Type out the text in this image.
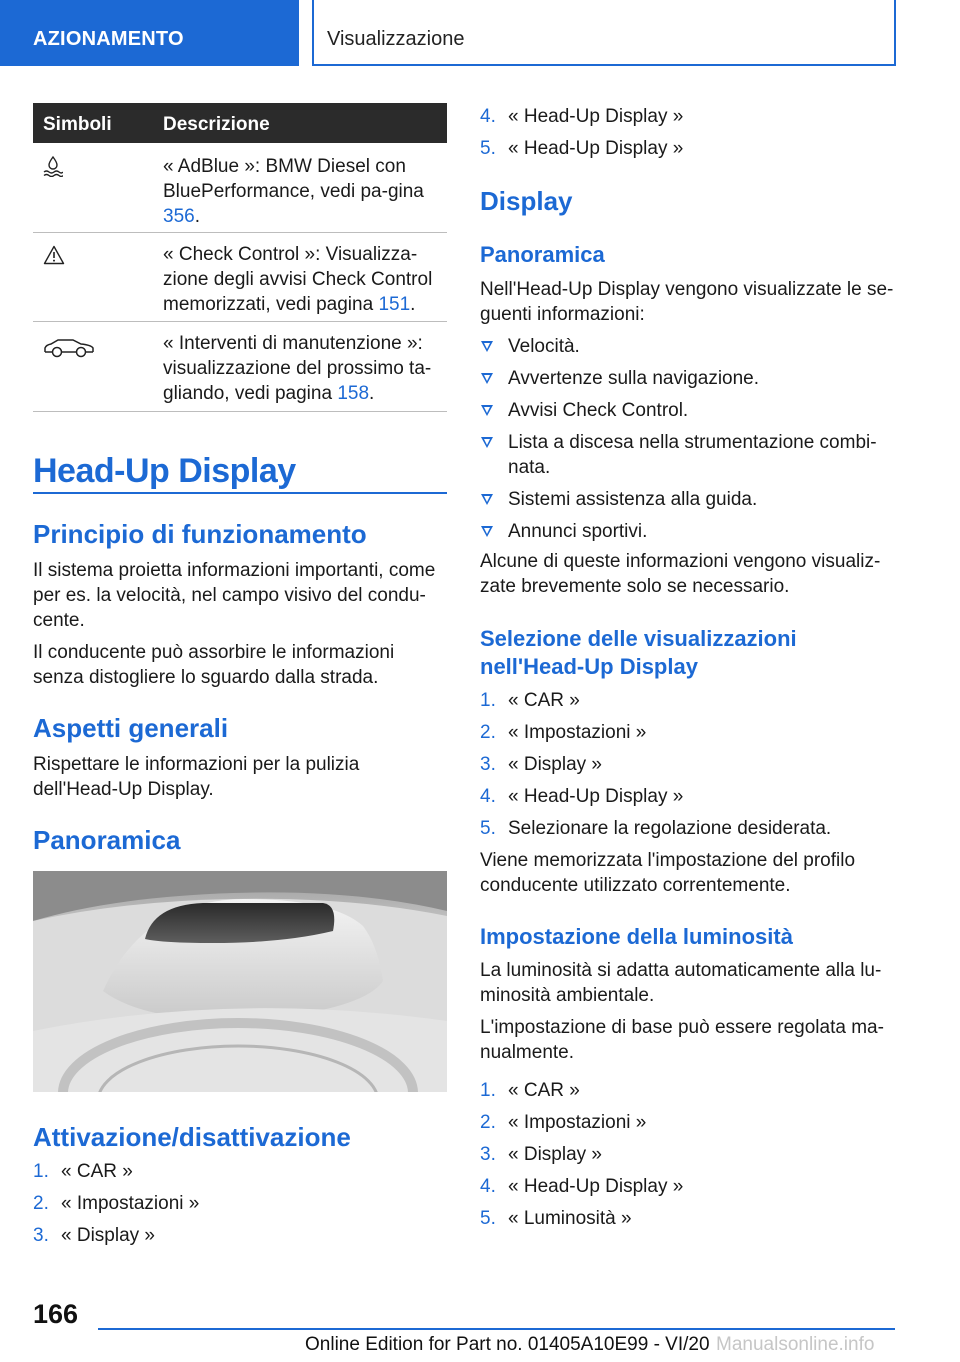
AZIONAMENTO	Visualizzazione
Simboli	Descrizione
« AdBlue »: BMW Diesel con BluePerformance, vedi pa-gina 356.
« Check Control »: Visualizza-zione degli avvisi Check Control memorizzati, vedi pagina 151.
« Interventi di manutenzione »: visualizzazione del prossimo ta-gliando, vedi pagina 158.
Head-Up Display
Principio di funzionamento

Il sistema proietta informazioni importanti, come per es. la velocità, nel campo visivo del condu-cente.

Il conducente può assorbire le informazioni senza distogliere lo sguardo dalla strada.

Aspetti generali

Rispettare le informazioni per la pulizia dell'Head-Up Display.

Panoramica
Attivazione/disattivazione
1. « CAR »
2. « Impostazioni »
3. « Display »
4. « Head-Up Display »
5. « Head-Up Display »
Display
Panoramica

Nell'Head-Up Display vengono visualizzate le se-guenti informazioni:

Velocità.
Avvertenze sulla navigazione.
Avvisi Check Control.
Lista a discesa nella strumentazione combi-nata.
Sistemi assistenza alla guida.
Annunci sportivi.

Alcune di queste informazioni vengono visualiz-zate brevemente solo se necessario.

Selezione delle visualizzazioni nell'Head-Up Display
1. « CAR »
2. « Impostazioni »
3. « Display »
4. « Head-Up Display »
5. Selezionare la regolazione desiderata.

Viene memorizzata l'impostazione del profilo conducente utilizzato correntemente.

Impostazione della luminosità

La luminosità si adatta automaticamente alla lu-minosità ambientale.

L'impostazione di base può essere regolata ma-nualmente.

1. « CAR »
2. « Impostazioni »
3. « Display »
4. « Head-Up Display »
5. « Luminosità »
166
Online Edition for Part no. 01405A10E99 - VI/20 Manualsonline.info
